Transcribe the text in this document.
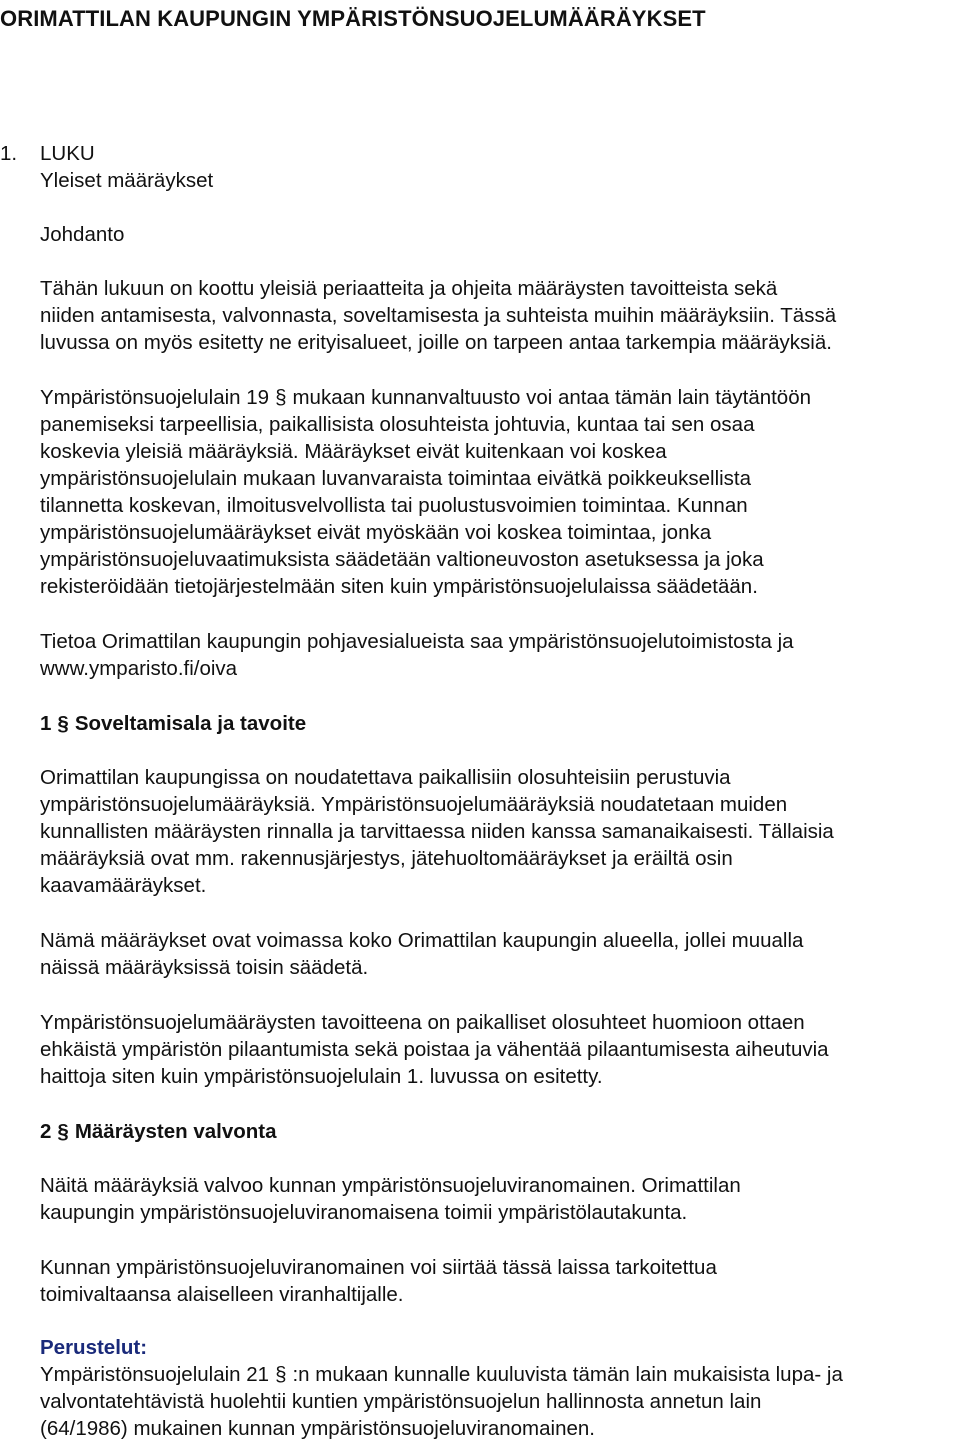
ORIMATTILAN KAUPUNGIN YMPÄRISTÖNSUOJELUMÄÄRÄYKSET
1. LUKU
Yleiset määräykset
Johdanto
Tähän lukuun on koottu yleisiä periaatteita ja ohjeita määräysten tavoitteista sekä
niiden antamisesta, valvonnasta, soveltamisesta ja suhteista muihin määräyksiin. Tässä
luvussa on myös esitetty ne erityisalueet, joille on tarpeen antaa tarkempia määräyksiä.
Ympäristönsuojelulain 19 § mukaan kunnanvaltuusto voi antaa tämän lain täytäntöön
panemiseksi tarpeellisia, paikallisista olosuhteista johtuvia, kuntaa tai sen osaa
koskevia yleisiä määräyksiä. Määräykset eivät kuitenkaan voi koskea
ympäristönsuojelulain mukaan luvanvaraista toimintaa eivätkä poikkeuksellista
tilannetta koskevan, ilmoitusvelvollista tai puolustusvoimien toimintaa. Kunnan
ympäristönsuojelumääräykset eivät myöskään voi koskea toimintaa, jonka
ympäristönsuojeluvaatimuksista säädetään valtioneuvoston asetuksessa ja joka
rekisteröidään tietojärjestelmään siten kuin ympäristönsuojelulaissa säädetään.
Tietoa Orimattilan kaupungin pohjavesialueista saa ympäristönsuojelutoimistosta ja
www.ymparisto.fi/oiva
1 § Soveltamisala ja tavoite
Orimattilan kaupungissa on noudatettava paikallisiin olosuhteisiin perustuvia
ympäristönsuojelumääräyksiä. Ympäristönsuojelumääräyksiä noudatetaan muiden
kunnallisten määräysten rinnalla ja tarvittaessa niiden kanssa samanaikaisesti. Tällaisia
määräyksiä ovat mm. rakennusjärjestys, jätehuoltomääräykset ja eräiltä osin
kaavamääräykset.
Nämä määräykset ovat voimassa koko Orimattilan kaupungin alueella, jollei muualla
näissä määräyksissä toisin säädetä.
Ympäristönsuojelumääräysten tavoitteena on paikalliset olosuhteet huomioon ottaen
ehkäistä ympäristön pilaantumista sekä poistaa ja vähentää pilaantumisesta aiheutuvia
haittoja siten kuin ympäristönsuojelulain 1. luvussa on esitetty.
2 § Määräysten valvonta
Näitä määräyksiä valvoo kunnan ympäristönsuojeluviranomainen. Orimattilan
kaupungin ympäristönsuojeluviranomaisena toimii ympäristölautakunta.
Kunnan ympäristönsuojeluviranomainen voi siirtää tässä laissa tarkoitettua
toimivaltaansa alaiselleen viranhaltijalle.
Perustelut:
Ympäristönsuojelulain 21 § :n mukaan kunnalle kuuluvista tämän lain mukaisista lupa- ja
valvontatehtävistä huolehtii kuntien ympäristönsuojelun hallinnosta annetun lain
(64/1986) mukainen kunnan ympäristönsuojeluviranomainen.
